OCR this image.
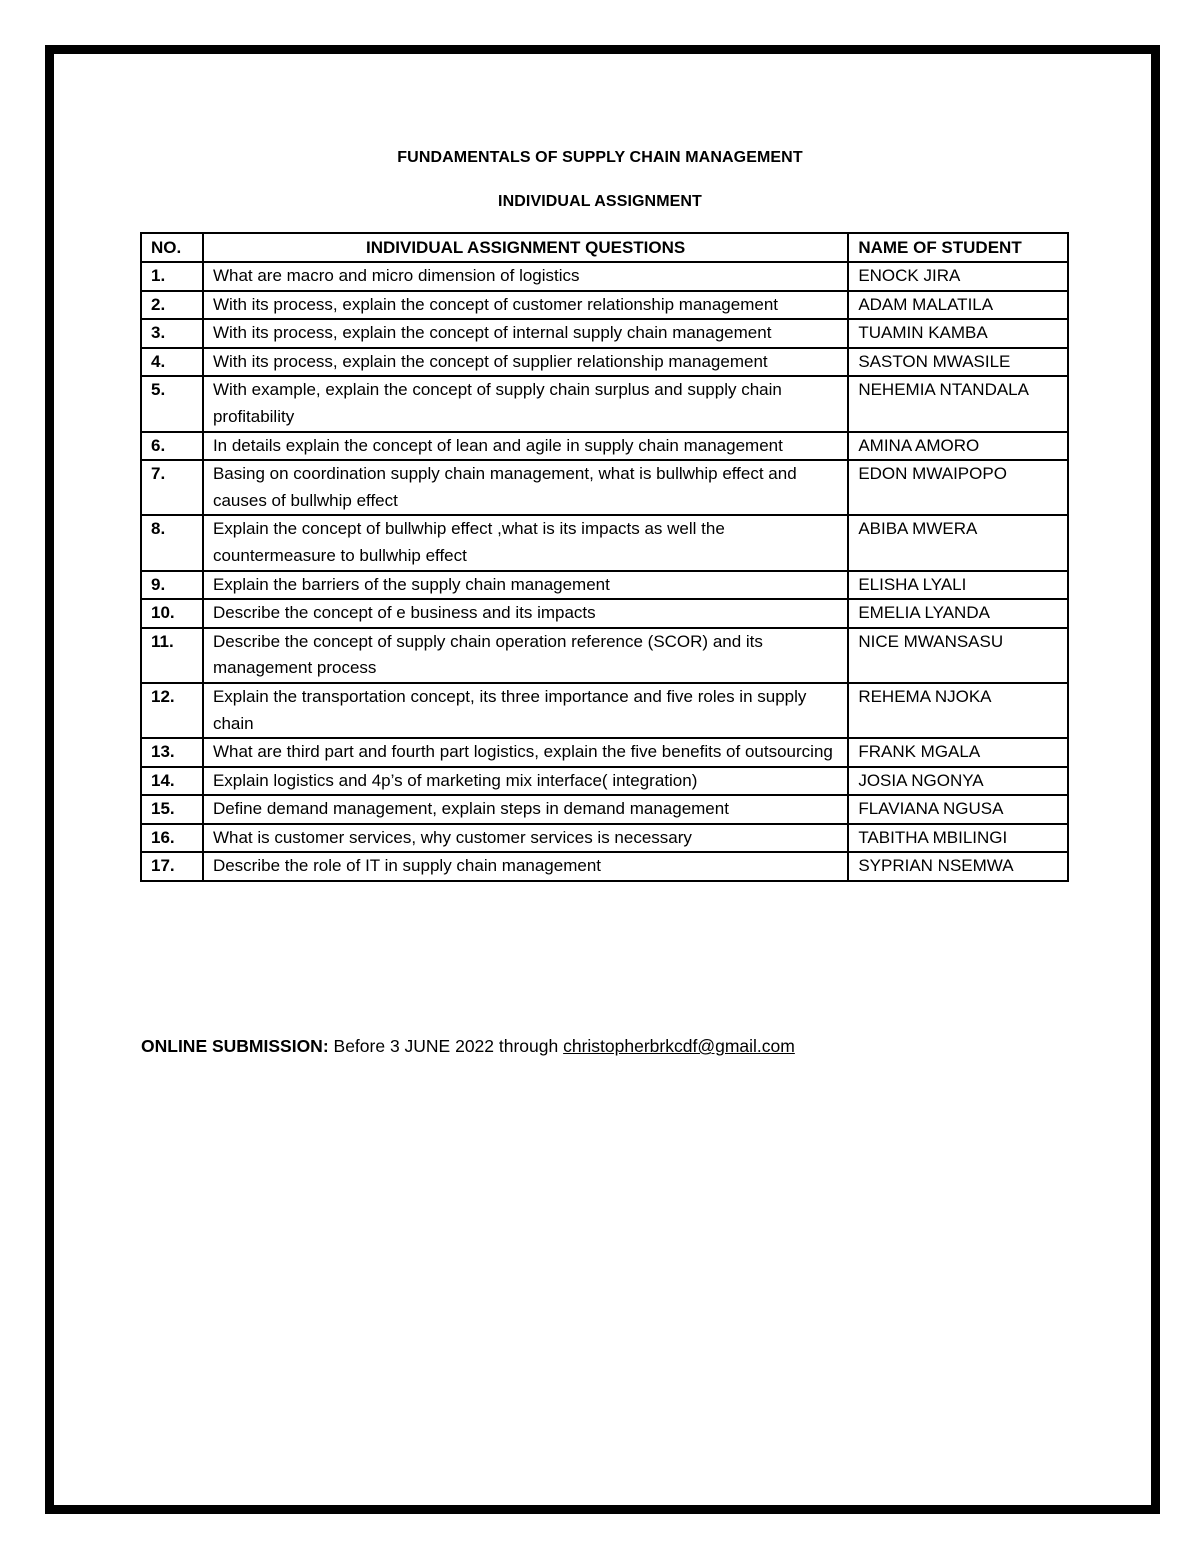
FUNDAMENTALS OF SUPPLY CHAIN MANAGEMENT
INDIVIDUAL ASSIGNMENT
NO.	INDIVIDUAL ASSIGNMENT QUESTIONS	NAME OF STUDENT
1.	What are macro and micro dimension of logistics	ENOCK JIRA
2.	With its process, explain the concept of customer relationship management	ADAM MALATILA
3.	With its process, explain the concept of internal supply chain management	TUAMIN KAMBA
4.	With its process, explain the concept of supplier relationship management	SASTON MWASILE
5.	With example, explain the concept of supply chain surplus and supply chain profitability	NEHEMIA NTANDALA
6.	In details explain the concept of lean and agile in supply chain management	AMINA AMORO
7.	Basing on coordination supply chain management, what is bullwhip effect and causes of bullwhip effect	EDON MWAIPOPO
8.	Explain the concept of bullwhip effect ,what is its impacts as well the countermeasure to bullwhip effect	ABIBA MWERA
9.	Explain the barriers of the supply chain management	ELISHA LYALI
10.	Describe the concept of e business and its impacts	EMELIA LYANDA
11.	Describe the concept of supply chain operation reference (SCOR) and its management process	NICE MWANSASU
12.	Explain the transportation concept, its three importance and five roles in supply chain	REHEMA NJOKA
13.	What are third part and fourth part logistics, explain the five benefits of outsourcing	FRANK MGALA
14.	Explain logistics and 4p’s of marketing mix interface( integration)	JOSIA NGONYA
15.	Define demand management, explain steps in demand management	FLAVIANA NGUSA
16.	What is customer services, why customer services is necessary	TABITHA MBILINGI
17.	Describe the role of IT in supply chain management	SYPRIAN NSEMWA
ONLINE SUBMISSION: Before 3 JUNE 2022 through christopherbrkcdf@gmail.com
